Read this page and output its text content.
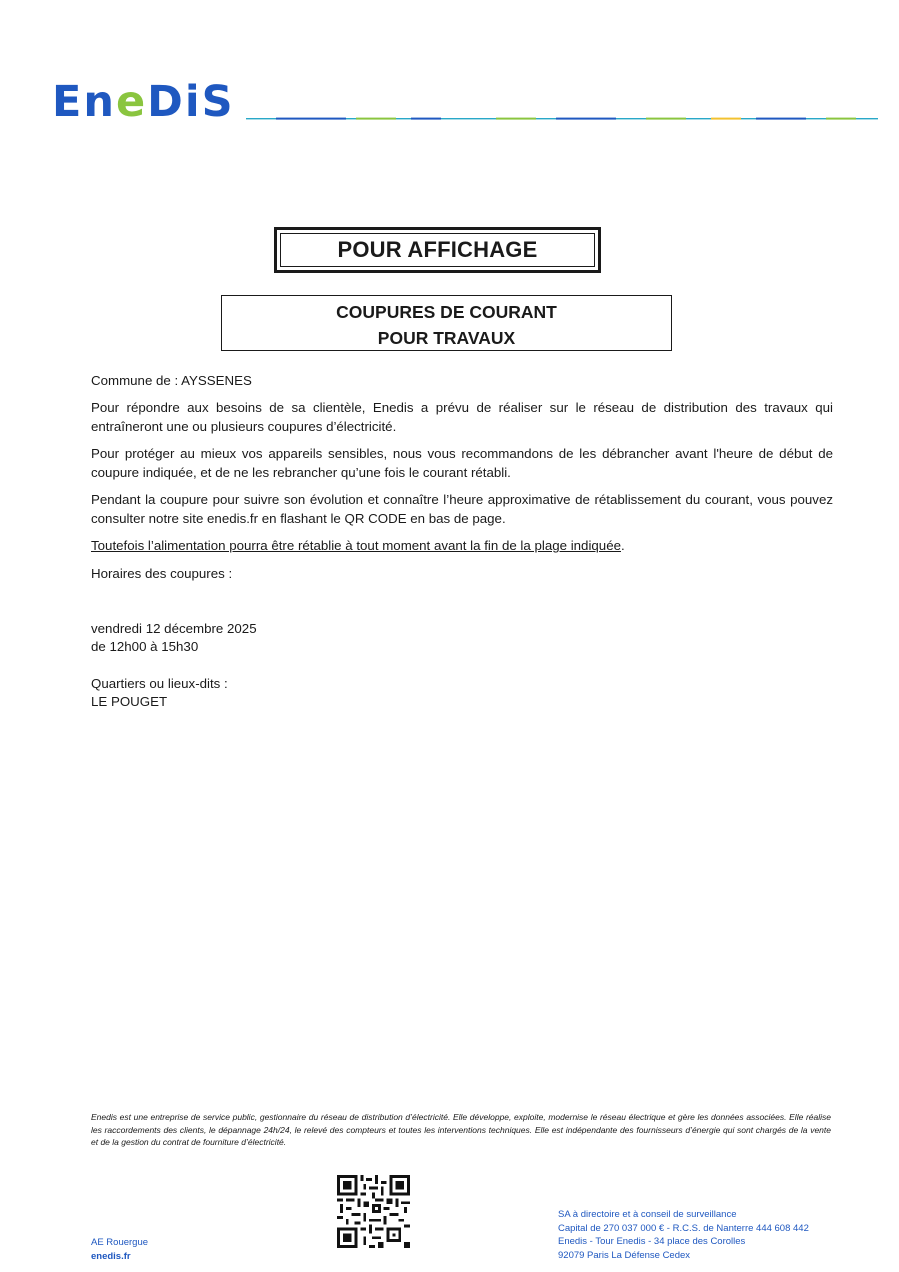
EneDiS
POUR AFFICHAGE
COUPURES DE COURANT
POUR TRAVAUX
Commune de : AYSSENES
Pour répondre aux besoins de sa clientèle, Enedis a prévu de réaliser sur le réseau de distribution des travaux qui entraîneront une ou plusieurs coupures d’électricité.
Pour protéger au mieux vos appareils sensibles, nous vous recommandons de les débrancher avant l'heure de début de coupure indiquée, et de ne les rebrancher qu’une fois le courant rétabli.
Pendant la coupure pour suivre son évolution et connaître l’heure approximative de rétablissement du courant, vous pouvez consulter notre site enedis.fr en flashant le QR CODE en bas de page.
Toutefois l’alimentation pourra être rétablie à tout moment avant la fin de la plage indiquée.
Horaires des coupures :
vendredi 12 décembre 2025
de 12h00 à 15h30
Quartiers ou lieux-dits :
LE POUGET
Enedis est une entreprise de service public, gestionnaire du réseau de distribution d’électricité. Elle développe, exploite, modernise le réseau électrique et gère les données associées. Elle réalise les raccordements des clients, le dépannage 24h/24, le relevé des compteurs et toutes les interventions techniques. Elle est indépendante des fournisseurs d’énergie qui sont chargés de la vente et de la gestion du contrat de fourniture d’électricité.
AE Rouergue
enedis.fr
SA à directoire et à conseil de surveillance
Capital de 270 037 000 € - R.C.S. de Nanterre 444 608 442
Enedis - Tour Enedis - 34 place des Corolles
92079 Paris La Défense Cedex
